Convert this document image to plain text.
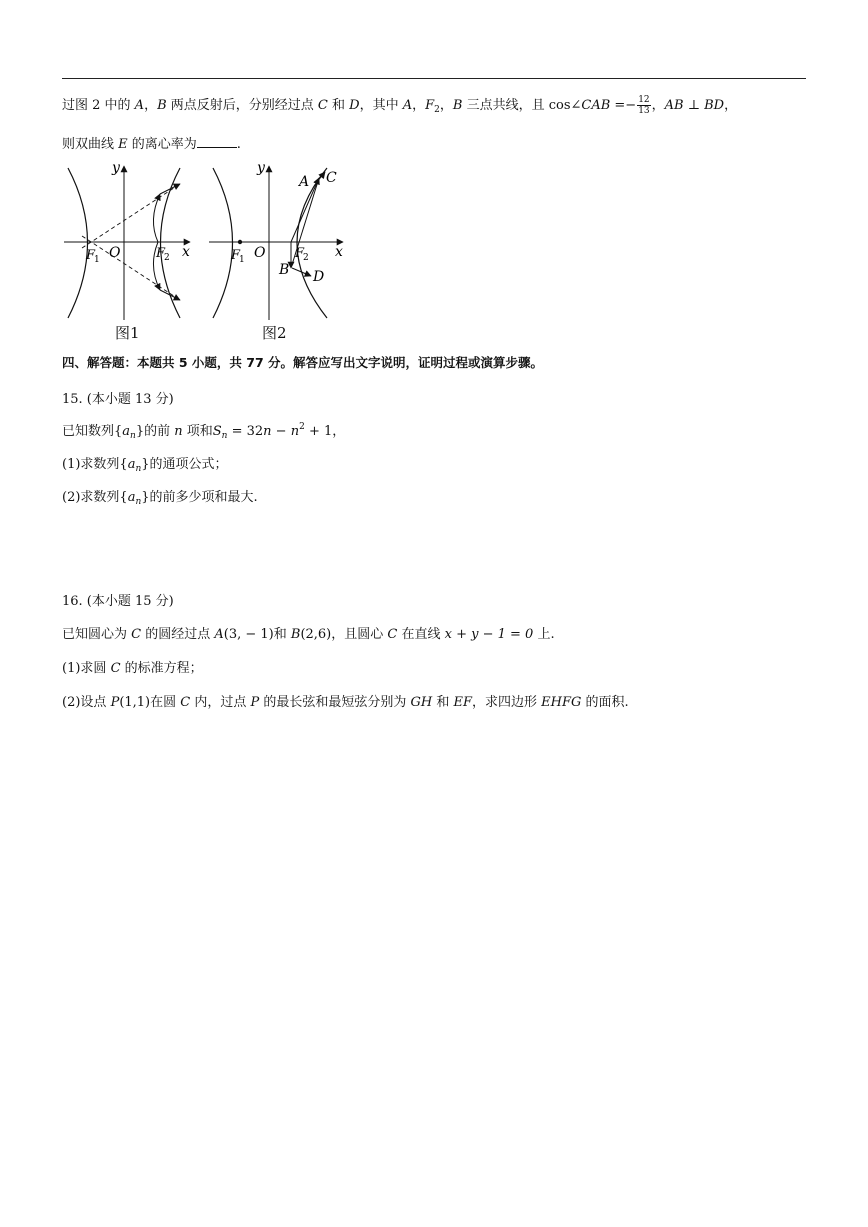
过图 2 中的 A，B 两点反射后，分别经过点 C 和 D，其中 A，$F_2$，B 三点共线，且 cos∠CAB =− $\frac{12}{13}$ ，AB ⊥ BD，
则双曲线 E 的离心率为	.
y
x
O
F
1	F
2
图1
y
x
O
F
1	F
2
A C
B D
图2
四、解答题：本题共 5 小题，共 77 分。解答应写出文字说明，证明过程或演算步骤。
15. (本小题 13 分)
已知数列$\{a_n\}$的前 n 项和$S_n = 32n - n^2 + 1$，
(1)求数列$\{a_n\}$的通项公式；
(2)求数列$\{a_n\}$的前多少项和最大.
16. (本小题 15 分)
已知圆心为 C 的圆经过点 A(3, − 1)和 B(2,6)，且圆心 C 在直线 x + y − 1 = 0 上.
(1)求圆 C 的标准方程；
(2)设点 P(1,1)在圆 C 内，过点 P 的最长弦和最短弦分别为 GH 和 EF，求四边形 EHFG 的面积.
